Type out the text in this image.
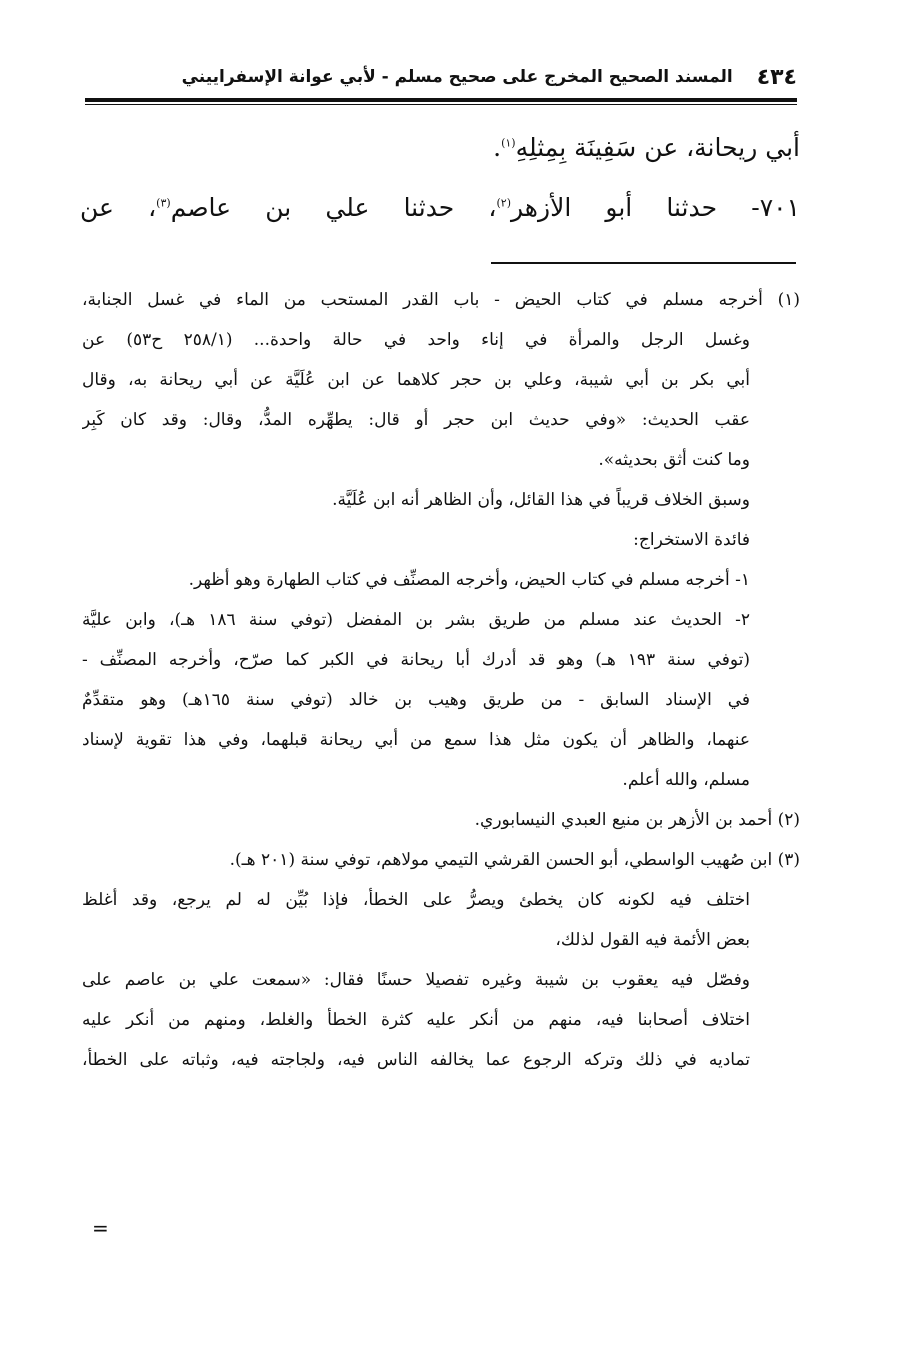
٤٣٤
المسند الصحيح المخرج على صحيح مسلم - لأبي عوانة الإسفراييني

أبي ريحانة، عن سَفِينَة بِمِثلِهِ$^{(١)}$.

٧٠١- حدثنا أبو الأزهر$^{(٢)}$، حدثنا علي بن عاصم$^{(٣)}$، عن

(١) أخرجه مسلم في كتاب الحيض - باب القدر المستحب من الماء في غسل الجنابة،

وغسل الرجل والمرأة في إناء واحد في حالة واحدة... (٢٥٨/١ ح٥٣) عن

أبي بكر بن أبي شيبة، وعلي بن حجر كلاهما عن ابن عُلَيَّة عن أبي ريحانة به، وقال

عقب الحديث: «وفي حديث ابن حجر أو قال: يطهِّره المدُّ، وقال: وقد كان كَبِر

وما كنت أثق بحديثه».

وسبق الخلاف قريباً في هذا القائل، وأن الظاهر أنه ابن عُلَيَّة.

فائدة الاستخراج:

١- أخرجه مسلم في كتاب الحيض، وأخرجه المصنِّف في كتاب الطهارة وهو أظهر.

٢- الحديث عند مسلم من طريق بشر بن المفضل (توفي سنة ١٨٦ هـ)، وابن عليَّة

(توفي سنة ١٩٣ هـ) وهو قد أدرك أبا ريحانة في الكبر كما صرّح، وأخرجه المصنِّف -

في الإسناد السابق - من طريق وهيب بن خالد (توفي سنة ١٦٥هـ) وهو متقدِّمٌ

عنهما، والظاهر أن يكون مثل هذا سمع من أبي ريحانة قبلهما، وفي هذا تقوية لإسناد

مسلم، والله أعلم.

(٢) أحمد بن الأزهر بن منيع العبدي النيسابوري.

(٣) ابن صُهيب الواسطي، أبو الحسن القرشي التيمي مولاهم، توفي سنة (٢٠١ هـ).

اختلف فيه لكونه كان يخطئ ويصرُّ على الخطأ، فإذا بُيِّن له لم يرجع، وقد أغلظ

بعض الأئمة فيه القول لذلك،

وفصّل فيه يعقوب بن شيبة وغيره تفصيلا حسنًا فقال: «سمعت علي بن عاصم على

اختلاف أصحابنا فيه، منهم من أنكر عليه كثرة الخطأ والغلط، ومنهم من أنكر عليه

تماديه في ذلك وتركه الرجوع عما يخالفه الناس فيه، ولجاجته فيه، وثباته على الخطأ،

=
